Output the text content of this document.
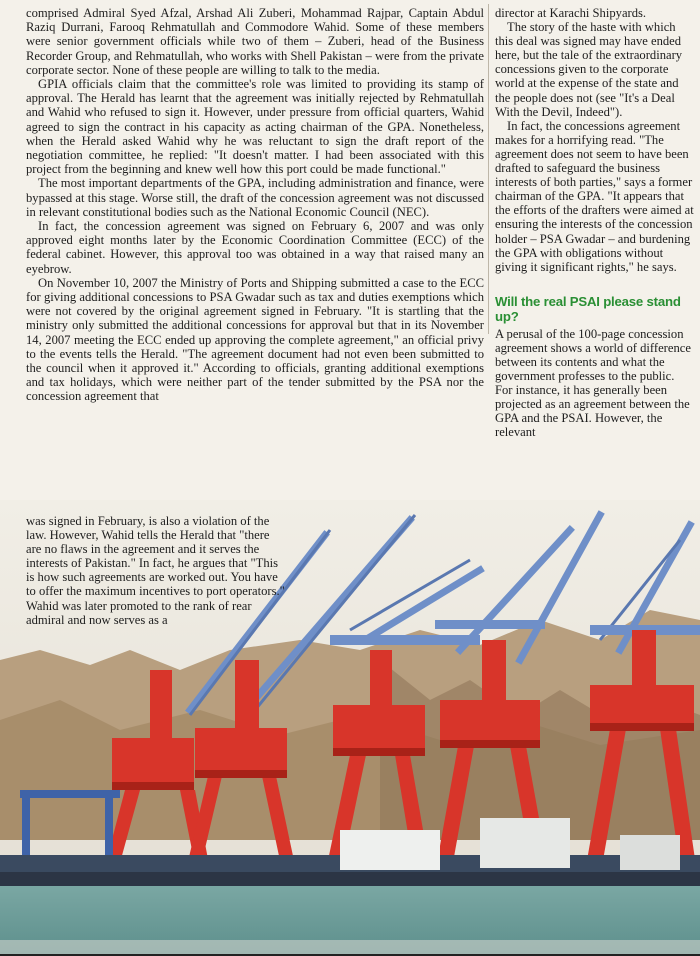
comprised Admiral Syed Afzal, Arshad Ali Zuberi, Mohammad Rajpar, Captain Abdul Raziq Durrani, Farooq Rehmatullah and Commodore Wahid. Some of these members were senior government officials while two of them – Zuberi, head of the Business Recorder Group, and Rehmatullah, who works with Shell Pakistan – were from the private corporate sector. None of these people are willing to talk to the media.

GPIA officials claim that the committee's role was limited to providing its stamp of approval. The Herald has learnt that the agreement was initially rejected by Rehmatullah and Wahid who refused to sign it. However, under pressure from official quarters, Wahid agreed to sign the contract in his capacity as acting chairman of the GPA. Nonetheless, when the Herald asked Wahid why he was reluctant to sign the draft report of the negotiation committee, he replied: "It doesn't matter. I had been associated with this project from the beginning and knew well how this port could be made functional."

The most important departments of the GPA, including administration and finance, were bypassed at this stage. Worse still, the draft of the concession agreement was not discussed in relevant constitutional bodies such as the National Economic Council (NEC).

In fact, the concession agreement was signed on February 6, 2007 and was only approved eight months later by the Economic Coordination Committee (ECC) of the federal cabinet. However, this approval too was obtained in a way that raised many an eyebrow.

On November 10, 2007 the Ministry of Ports and Shipping submitted a case to the ECC for giving additional concessions to PSA Gwadar such as tax and duties exemptions which were not covered by the original agreement signed in February. "It is startling that the ministry only submitted the additional concessions for approval but that in its November 14, 2007 meeting the ECC ended up approving the complete agreement," an official privy to the events tells the Herald. "The agreement document had not even been submitted to the council when it approved it." According to officials, granting additional exemptions and tax holidays, which were neither part of the tender submitted by the PSA nor the concession agreement that

was signed in February, is also a violation of the law. However, Wahid tells the Herald that "there are no flaws in the agreement and it serves the interests of Pakistan." In fact, he argues that "This is how such agreements are worked out. You have to offer the maximum incentives to port operators." Wahid was later promoted to the rank of rear admiral and now serves as a

director at Karachi Shipyards.

The story of the haste with which this deal was signed may have ended here, but the tale of the extraordinary concessions given to the corporate world at the expense of the state and the people does not (see "It's a Deal With the Devil, Indeed").

In fact, the concessions agreement makes for a horrifying read. "The agreement does not seem to have been drafted to safeguard the business interests of both parties," says a former chairman of the GPA. "It appears that the efforts of the drafters were aimed at ensuring the interests of the concession holder – PSA Gwadar – and burdening the GPA with obligations without giving it significant rights," he says.

Will the real PSAI please stand up?

A perusal of the 100-page concession agreement shows a world of difference between its contents and what the government professes to the public. For instance, it has generally been projected as an agreement between the GPA and the PSAI. However, the relevant
